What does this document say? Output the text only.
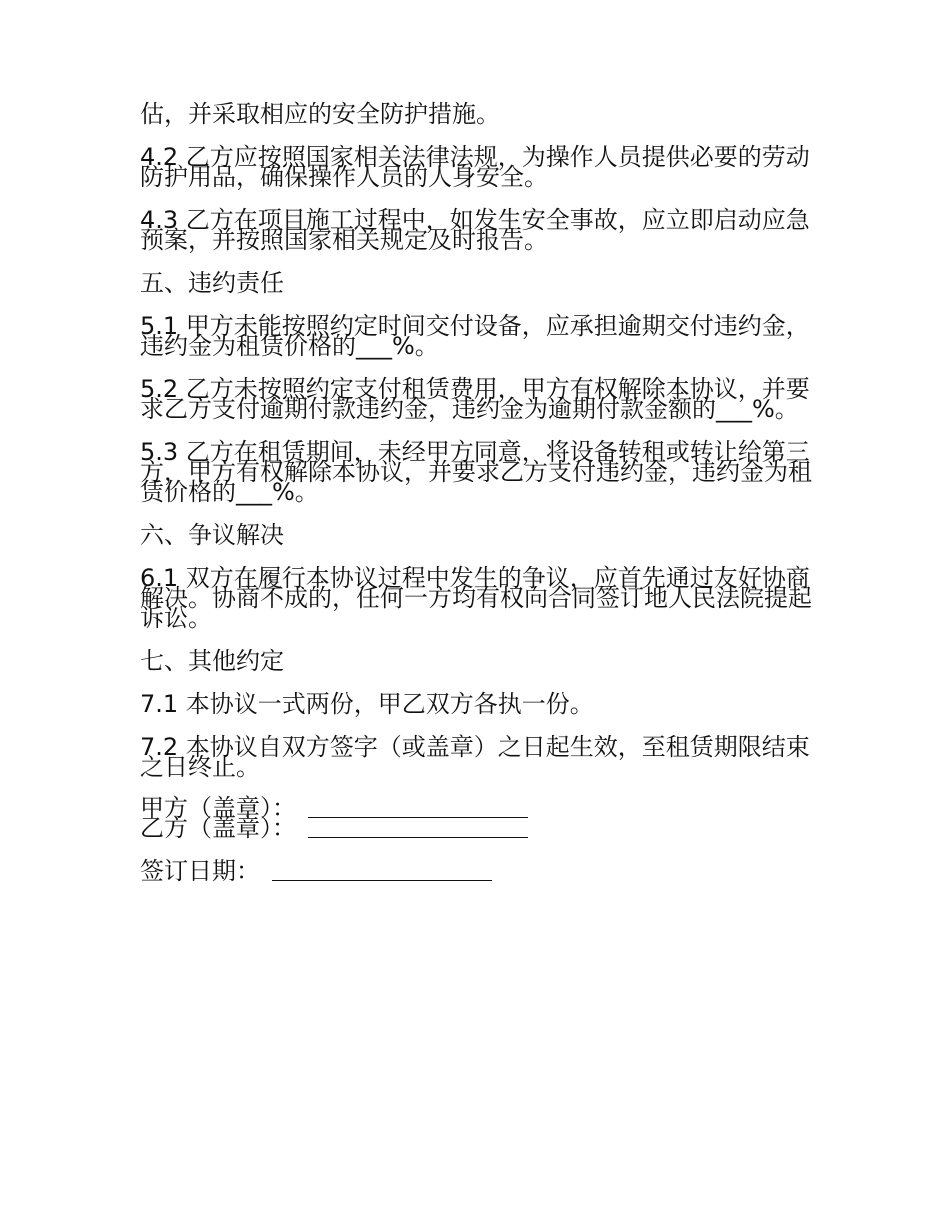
估，并采取相应的安全防护措施。

4.2 乙方应按照国家相关法律法规，为操作人员提供必要的劳动防护用品，确保操作人员的人身安全。

4.3 乙方在项目施工过程中，如发生安全事故，应立即启动应急预案，并按照国家相关规定及时报告。

五、违约责任

5.1 甲方未能按照约定时间交付设备，应承担逾期交付违约金，违约金为租赁价格的___%。

5.2 乙方未按照约定支付租赁费用，甲方有权解除本协议，并要求乙方支付逾期付款违约金，违约金为逾期付款金额的___%。

5.3 乙方在租赁期间，未经甲方同意，将设备转租或转让给第三方，甲方有权解除本协议，并要求乙方支付违约金，违约金为租赁价格的___%。

六、争议解决

6.1 双方在履行本协议过程中发生的争议，应首先通过友好协商解决。协商不成的，任何一方均有权向合同签订地人民法院提起诉讼。

七、其他约定

7.1 本协议一式两份，甲乙双方各执一份。

7.2 本协议自双方签字（或盖章）之日起生效，至租赁期限结束之日终止。

甲方（盖章）：
乙方（盖章）：
签订日期：
